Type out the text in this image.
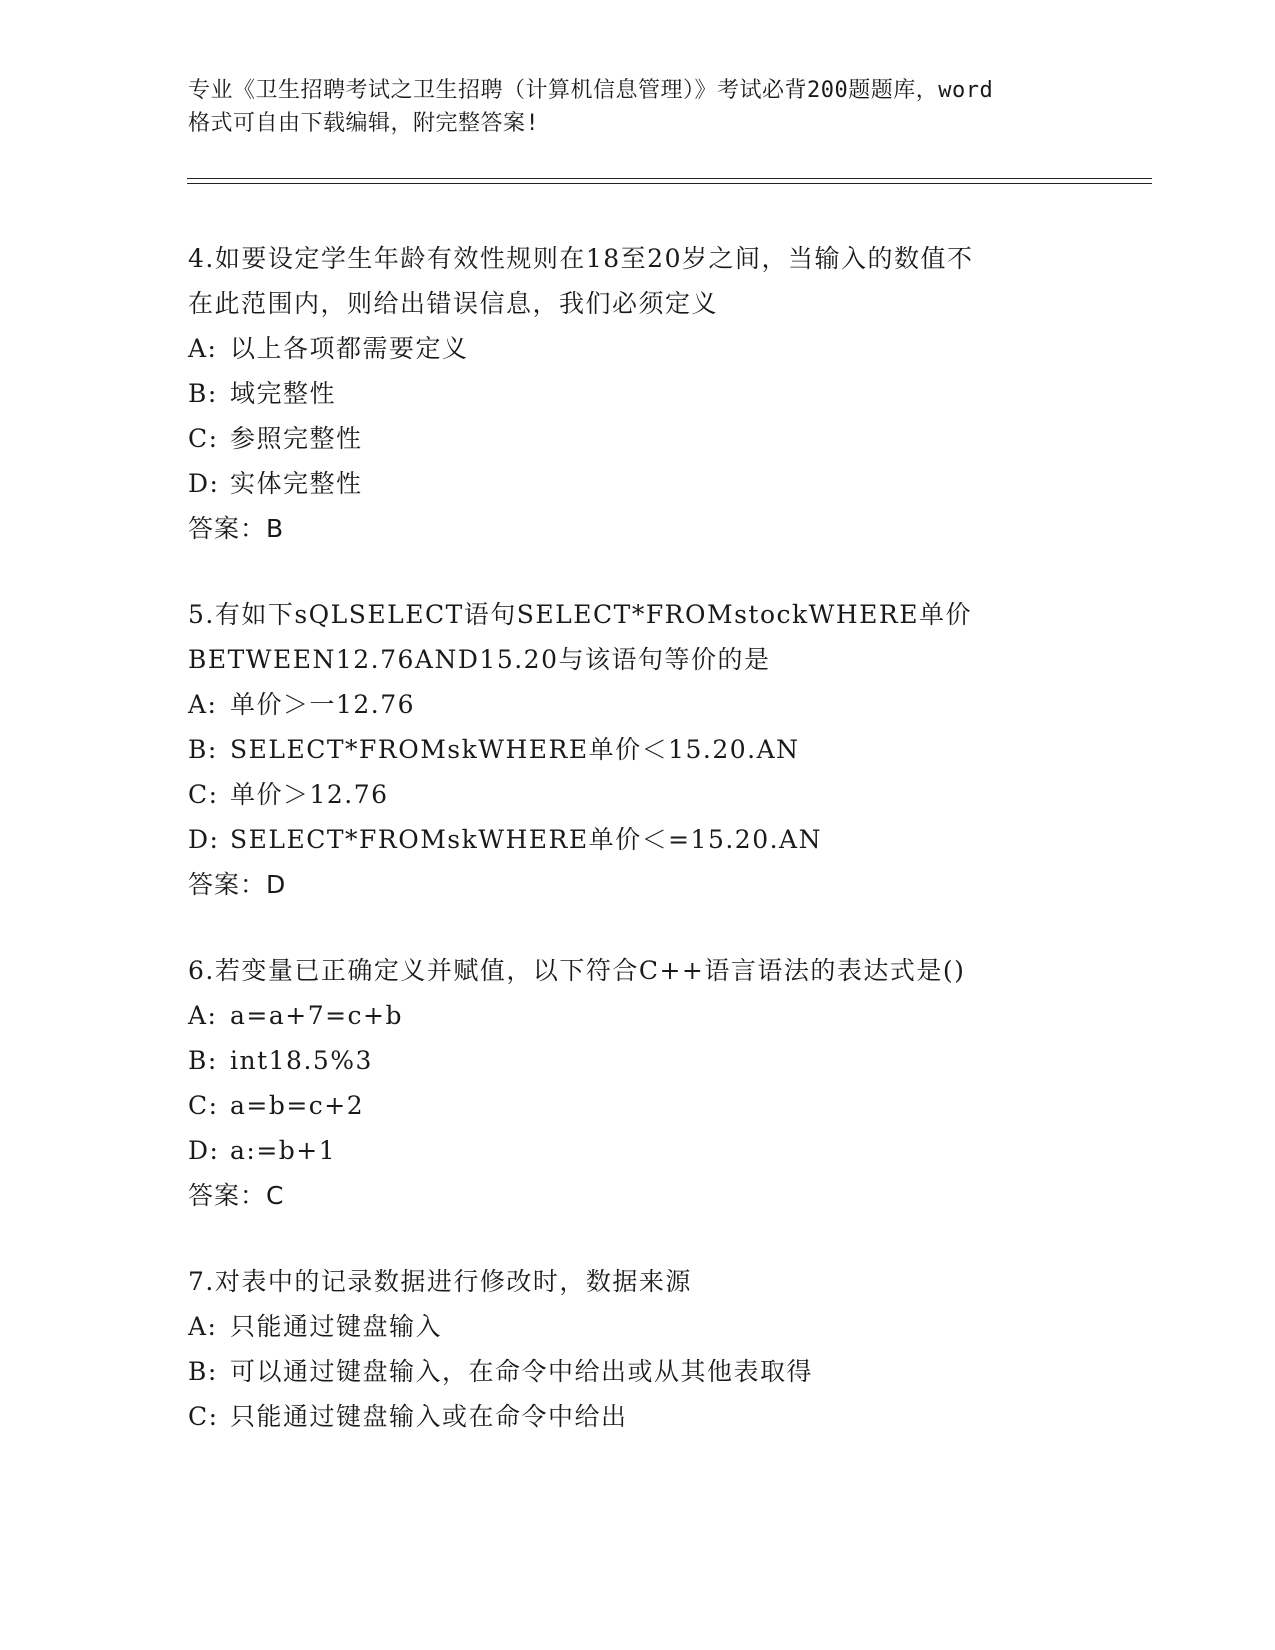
专业《卫生招聘考试之卫生招聘（计算机信息管理）》考试必背200题题库，word
格式可自由下载编辑，附完整答案!

4.如要设定学生年龄有效性规则在18至20岁之间，当输入的数值不

在此范围内，则给出错误信息，我们必须定义

A: 以上各项都需要定义

B: 域完整性

C: 参照完整性

D: 实体完整性

答案：B

5.有如下sQLSELECT语句SELECT*FROMstockWHERE单价

BETWEEN12.76AND15.20与该语句等价的是

A: 单价＞一12.76

B: SELECT*FROMskWHERE单价＜15.20.AN

C: 单价＞12.76

D: SELECT*FROMskWHERE单价＜=15.20.AN

答案：D

6.若变量已正确定义并赋值，以下符合C++语言语法的表达式是()

A: a=a+7=c+b

B: int18.5%3

C: a=b=c+2

D: a:=b+1

答案：C

7.对表中的记录数据进行修改时，数据来源

A: 只能通过键盘输入

B: 可以通过键盘输入，在命令中给出或从其他表取得

C: 只能通过键盘输入或在命令中给出
